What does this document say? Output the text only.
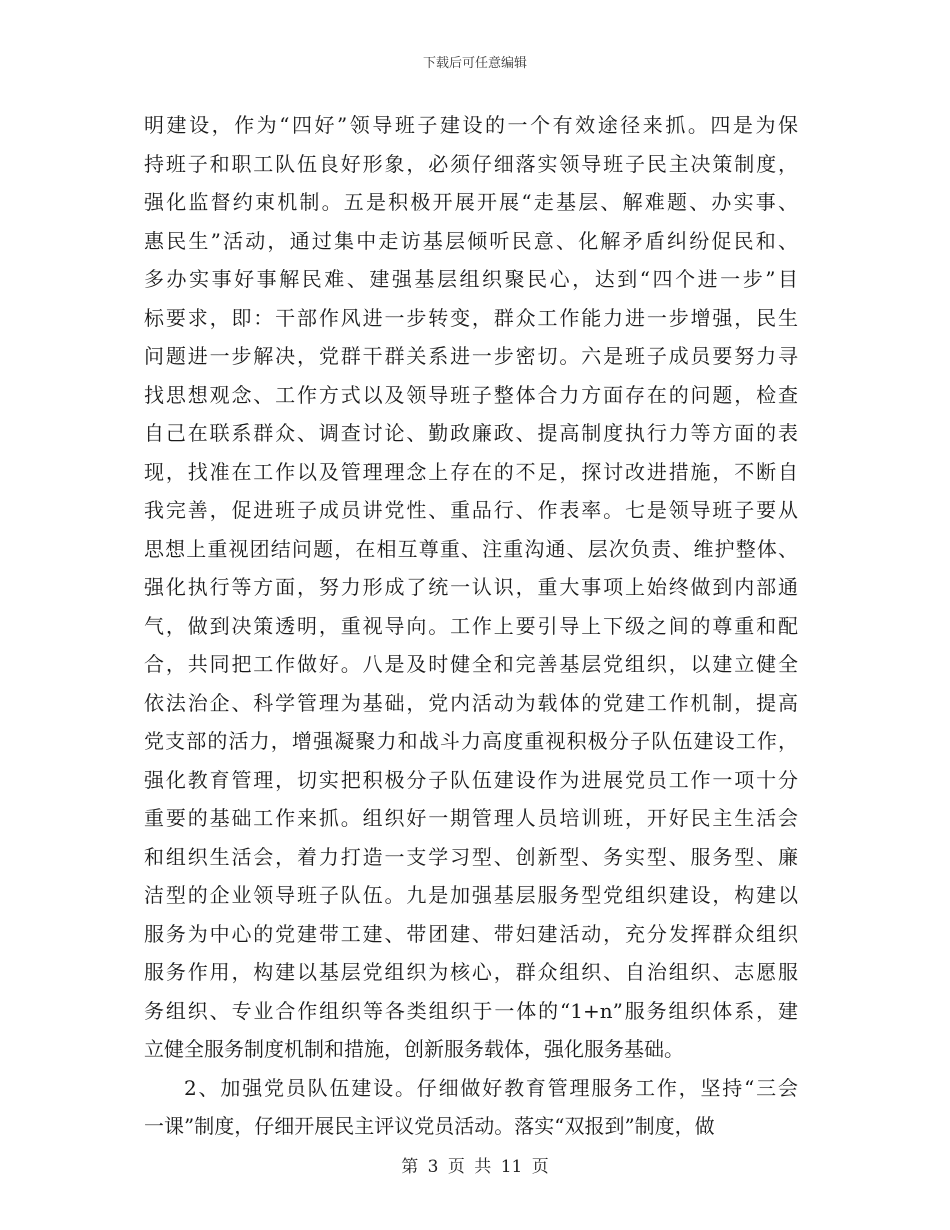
下载后可任意编辑
明建设，作为“四好”领导班子建设的一个有效途径来抓。四是为保
持班子和职工队伍良好形象，必须仔细落实领导班子民主决策制度，
强化监督约束机制。五是积极开展开展“走基层、解难题、办实事、
惠民生”活动，通过集中走访基层倾听民意、化解矛盾纠纷促民和、
多办实事好事解民难、建强基层组织聚民心，达到“四个进一步”目
标要求，即：干部作风进一步转变，群众工作能力进一步增强，民生
问题进一步解决，党群干群关系进一步密切。六是班子成员要努力寻
找思想观念、工作方式以及领导班子整体合力方面存在的问题，检查
自己在联系群众、调查讨论、勤政廉政、提高制度执行力等方面的表
现，找准在工作以及管理理念上存在的不足，探讨改进措施，不断自
我完善，促进班子成员讲党性、重品行、作表率。七是领导班子要从
思想上重视团结问题，在相互尊重、注重沟通、层次负责、维护整体、
强化执行等方面，努力形成了统一认识，重大事项上始终做到内部通
气，做到决策透明，重视导向。工作上要引导上下级之间的尊重和配
合，共同把工作做好。八是及时健全和完善基层党组织，以建立健全
依法治企、科学管理为基础，党内活动为载体的党建工作机制，提高
党支部的活力，增强凝聚力和战斗力高度重视积极分子队伍建设工作，
强化教育管理，切实把积极分子队伍建设作为进展党员工作一项十分
重要的基础工作来抓。组织好一期管理人员培训班，开好民主生活会
和组织生活会，着力打造一支学习型、创新型、务实型、服务型、廉
洁型的企业领导班子队伍。九是加强基层服务型党组织建设，构建以
服务为中心的党建带工建、带团建、带妇建活动，充分发挥群众组织
服务作用，构建以基层党组织为核心，群众组织、自治组织、志愿服
务组织、专业合作组织等各类组织于一体的“1+n”服务组织体系，建
立健全服务制度机制和措施，创新服务载体，强化服务基础。
2、加强党员队伍建设。仔细做好教育管理服务工作，坚持“三会
一课”制度，仔细开展民主评议党员活动。落实“双报到”制度，做
第 3 页 共 11 页
